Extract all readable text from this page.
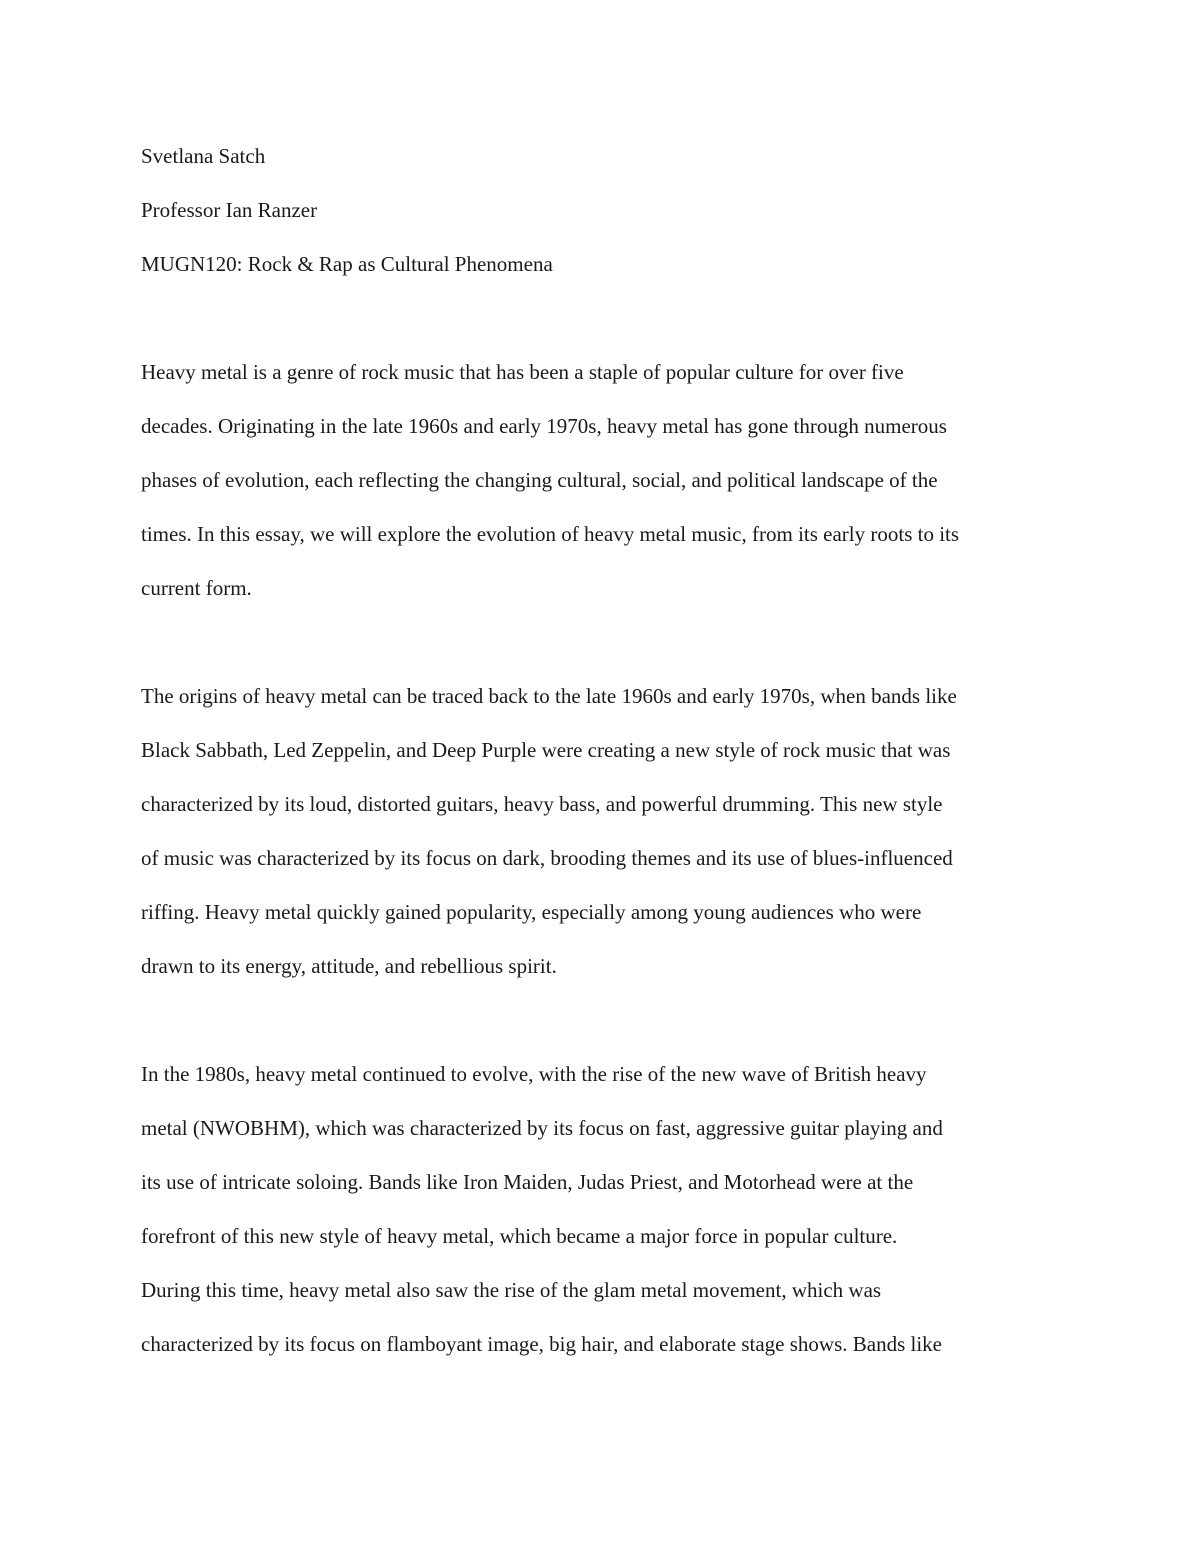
Svetlana Satch

Professor Ian Ranzer

MUGN120: Rock & Rap as Cultural Phenomena

Heavy metal is a genre of rock music that has been a staple of popular culture for over five

decades. Originating in the late 1960s and early 1970s, heavy metal has gone through numerous

phases of evolution, each reflecting the changing cultural, social, and political landscape of the

times. In this essay, we will explore the evolution of heavy metal music, from its early roots to its

current form.

The origins of heavy metal can be traced back to the late 1960s and early 1970s, when bands like

Black Sabbath, Led Zeppelin, and Deep Purple were creating a new style of rock music that was

characterized by its loud, distorted guitars, heavy bass, and powerful drumming. This new style

of music was characterized by its focus on dark, brooding themes and its use of blues-influenced

riffing. Heavy metal quickly gained popularity, especially among young audiences who were

drawn to its energy, attitude, and rebellious spirit.

In the 1980s, heavy metal continued to evolve, with the rise of the new wave of British heavy

metal (NWOBHM), which was characterized by its focus on fast, aggressive guitar playing and

its use of intricate soloing. Bands like Iron Maiden, Judas Priest, and Motorhead were at the

forefront of this new style of heavy metal, which became a major force in popular culture.

During this time, heavy metal also saw the rise of the glam metal movement, which was

characterized by its focus on flamboyant image, big hair, and elaborate stage shows. Bands like
